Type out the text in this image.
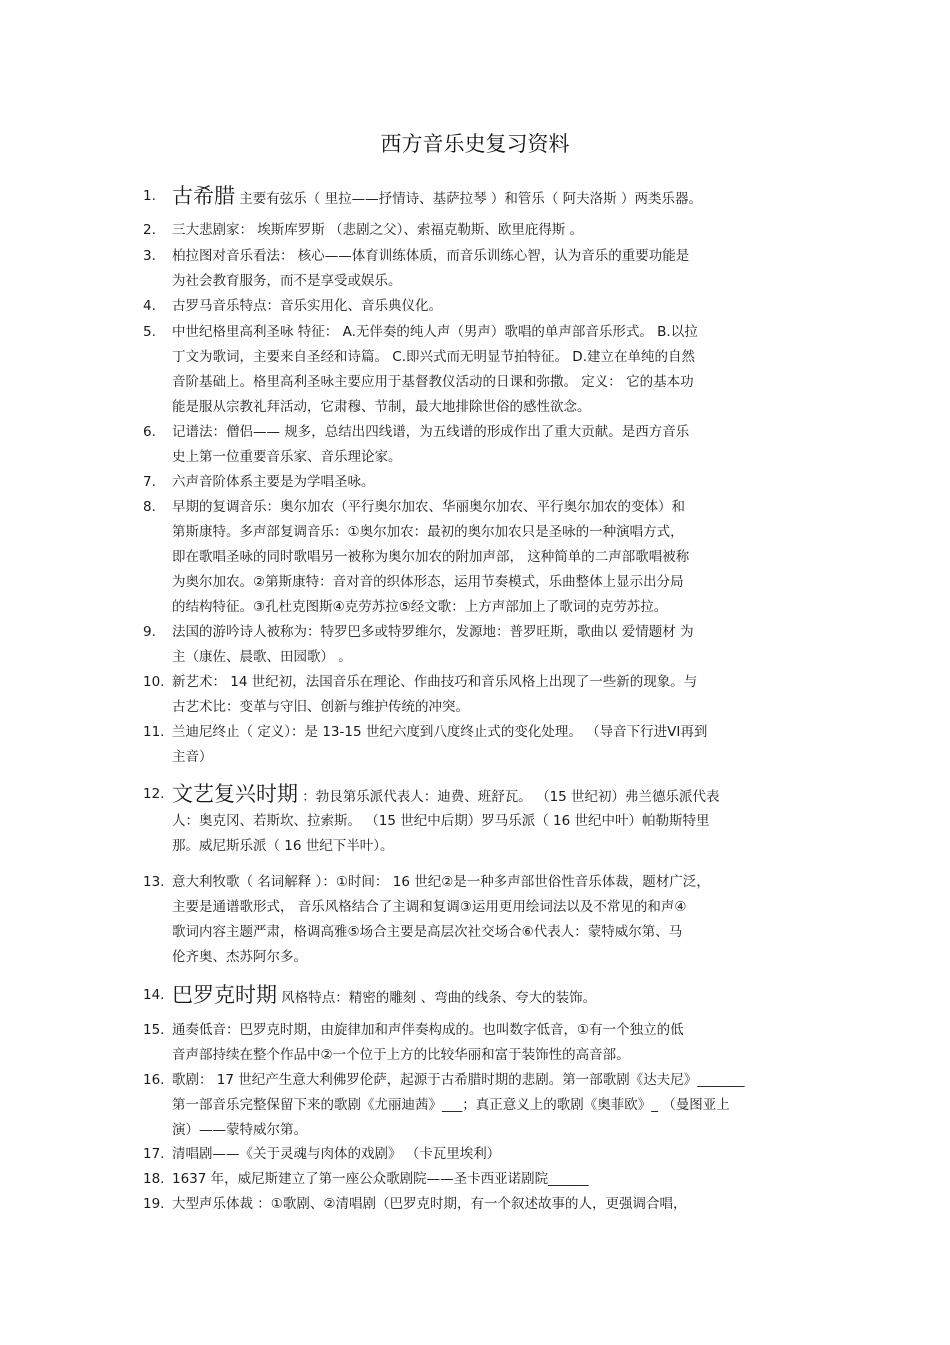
西方音乐史复习资料
1. 古希腊 主要有弦乐（ 里拉——抒情诗、基萨拉琴 ）和管乐（ 阿夫洛斯 ）两类乐器。
2.	三大悲剧家： 埃斯库罗斯 （悲剧之父）、索福克勒斯、欧里庇得斯 。
3.	柏拉图对音乐看法： 核心——体育训练体质，而音乐训练心智，认为音乐的重要功能是
为社会教育服务，而不是享受或娱乐。
4.	古罗马音乐特点：音乐实用化、音乐典仪化。
5.	中世纪格里高利圣咏 特征： A.无伴奏的纯人声（男声）歌唱的单声部音乐形式。 B.以拉
丁文为歌词，主要来自圣经和诗篇。 C.即兴式而无明显节拍特征。 D.建立在单纯的自然
音阶基础上。格里高利圣咏主要应用于基督教仪活动的日课和弥撒。 定义： 它的基本功
能是服从宗教礼拜活动，它肃穆、节制，最大地排除世俗的感性欲念。
6.	记谱法：僧侣—— 规多，总结出四线谱，为五线谱的形成作出了重大贡献。是西方音乐
史上第一位重要音乐家、音乐理论家。
7.	六声音阶体系主要是为学唱圣咏。
8.	早期的复调音乐：奥尔加农（平行奥尔加农、华丽奥尔加农、平行奥尔加农的变体）和
第斯康特。多声部复调音乐：①奥尔加农：最初的奥尔加农只是圣咏的一种演唱方式，
即在歌唱圣咏的同时歌唱另一被称为奥尔加农的附加声部， 这种简单的二声部歌唱被称
为奥尔加农。②第斯康特：音对音的织体形态，运用节奏模式，乐曲整体上显示出分局
的结构特征。③孔杜克图斯④克劳苏拉⑤经文歌：上方声部加上了歌词的克劳苏拉。
9.	法国的游吟诗人被称为：特罗巴多或特罗维尔，发源地：普罗旺斯，歌曲以 爱情题材 为
主（康佐、晨歌、田园歌） 。
10. 新艺术： 14 世纪初，法国音乐在理论、作曲技巧和音乐风格上出现了一些新的现象。与
古艺术比：变革与守旧、创新与维护传统的冲突。
11. 兰迪尼终止（ 定义）：是 13-15 世纪六度到八度终止式的变化处理。 （导音下行进VI再到
主音）
12. 文艺复兴时期 ：勃艮第乐派代表人：迪费、班舒瓦。 （15 世纪初）弗兰德乐派代表
人：奥克冈、若斯坎、拉索斯。 （15 世纪中后期）罗马乐派（ 16 世纪中叶）帕勒斯特里
那。威尼斯乐派（ 16 世纪下半叶）。
13. 意大利牧歌（ 名词解释 ）：①时间： 16 世纪②是一种多声部世俗性音乐体裁，题材广泛，
主要是通谱歌形式， 音乐风格结合了主调和复调③运用更用绘词法以及不常见的和声④
歌词内容主题严肃，格调高雅⑤场合主要是高层次社交场合⑥代表人：蒙特威尔第、马
伦齐奥、杰苏阿尔多。
14. 巴罗克时期 风格特点：精密的雕刻 、弯曲的线条、夸大的装饰。
15. 通奏低音：巴罗克时期，由旋律加和声伴奏构成的。也叫数字低音，①有一个独立的低
音声部持续在整个作品中②一个位于上方的比较华丽和富于装饰性的高音部。
16. 歌剧： 17 世纪产生意大利佛罗伦萨，起源于古希腊时期的悲剧。第一部歌剧《达夫尼》_______
第一部音乐完整保留下来的歌剧《尤丽迪茜》___；真正意义上的歌剧《奥菲欧》_ （曼图亚上
演）——蒙特威尔第。
17. 清唱剧——《关于灵魂与肉体的戏剧》 （卡瓦里埃利）
18. 1637 年，威尼斯建立了第一座公众歌剧院——圣卡西亚诺剧院______
19. 大型声乐体裁 ：①歌剧、②清唱剧（巴罗克时期，有一个叙述故事的人，更强调合唱，
